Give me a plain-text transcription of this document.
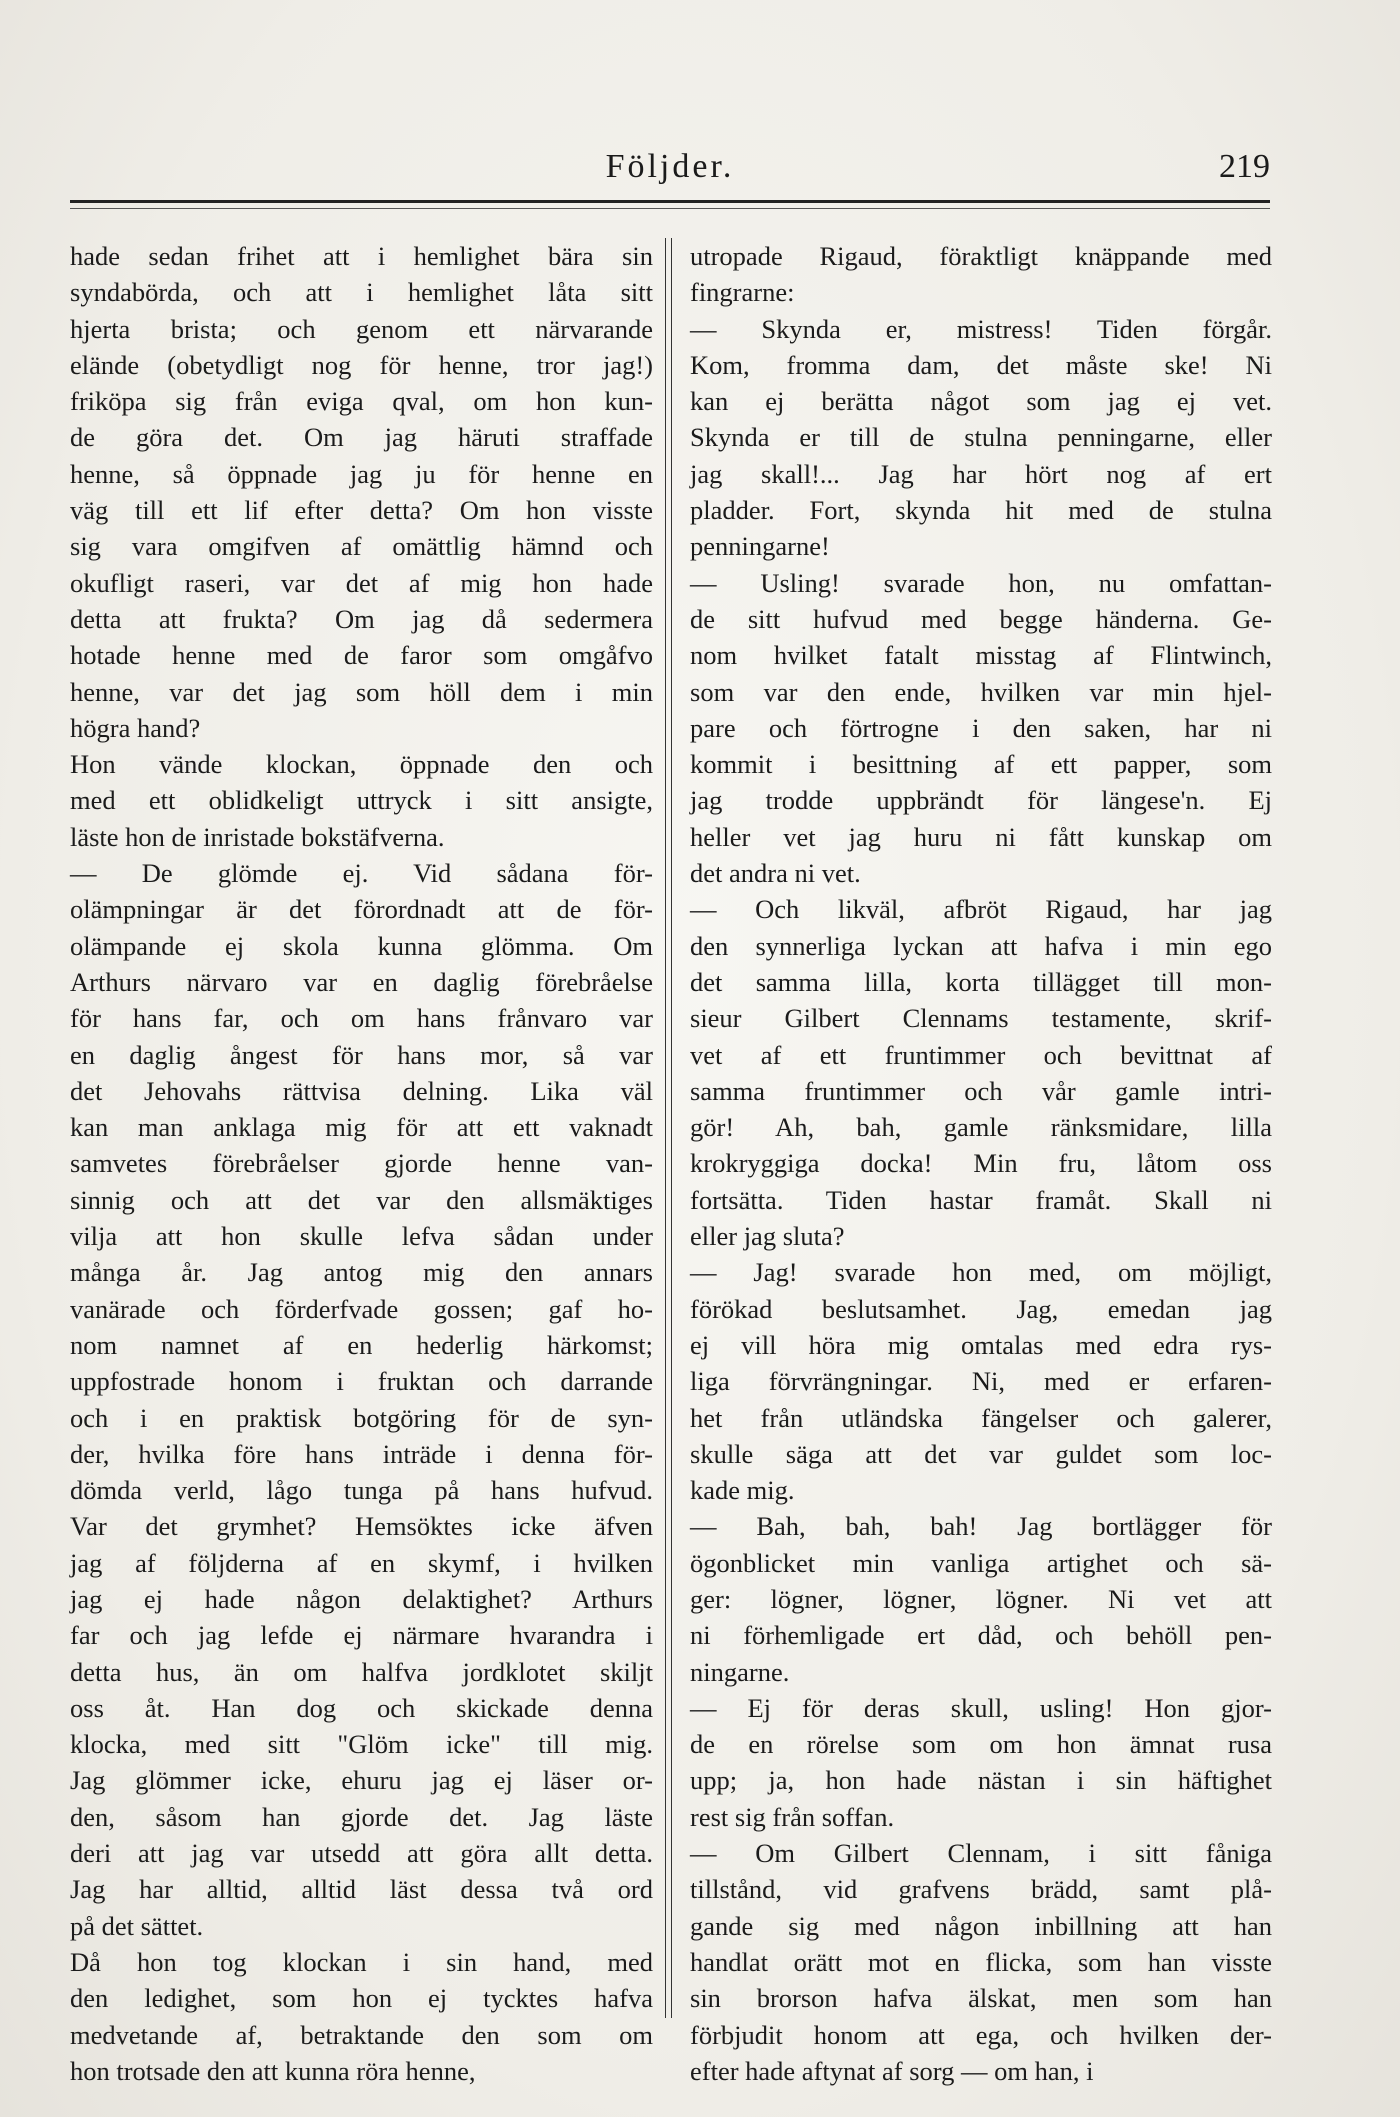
Följder.	219
hade sedan frihet att i hemlighet bära sin
syndabörda, och att i hemlighet låta sitt
hjerta brista; och genom ett närvarande
elände (obetydligt nog för henne, tror jag!)
friköpa sig från eviga qval, om hon kun-
de göra det. Om jag häruti straffade
henne, så öppnade jag ju för henne en
väg till ett lif efter detta? Om hon visste
sig vara omgifven af omättlig hämnd och
okufligt raseri, var det af mig hon hade
detta att frukta? Om jag då sedermera
hotade henne med de faror som omgåfvo
henne, var det jag som höll dem i min
högra hand?
Hon vände klockan, öppnade den och
med ett oblidkeligt uttryck i sitt ansigte,
läste hon de inristade bokstäfverna.
— De glömde ej. Vid sådana för-
olämpningar är det förordnadt att de för-
olämpande ej skola kunna glömma. Om
Arthurs närvaro var en daglig förebråelse
för hans far, och om hans frånvaro var
en daglig ångest för hans mor, så var
det Jehovahs rättvisa delning. Lika väl
kan man anklaga mig för att ett vaknadt
samvetes förebråelser gjorde henne van-
sinnig och att det var den allsmäktiges
vilja att hon skulle lefva sådan under
många år. Jag antog mig den annars
vanärade och förderfvade gossen; gaf ho-
nom namnet af en hederlig härkomst;
uppfostrade honom i fruktan och darrande
och i en praktisk botgöring för de syn-
der, hvilka före hans inträde i denna för-
dömda verld, lågo tunga på hans hufvud.
Var det grymhet? Hemsöktes icke äfven
jag af följderna af en skymf, i hvilken
jag ej hade någon delaktighet? Arthurs
far och jag lefde ej närmare hvarandra i
detta hus, än om halfva jordklotet skiljt
oss åt. Han dog och skickade denna
klocka, med sitt "Glöm icke" till mig.
Jag glömmer icke, ehuru jag ej läser or-
den, såsom han gjorde det. Jag läste
deri att jag var utsedd att göra allt detta.
Jag har alltid, alltid läst dessa två ord
på det sättet.
Då hon tog klockan i sin hand, med
den ledighet, som hon ej tycktes hafva
medvetande af, betraktande den som om
hon trotsade den att kunna röra henne,
utropade Rigaud, föraktligt knäppande med
fingrarne:
— Skynda er, mistress! Tiden förgår.
Kom, fromma dam, det måste ske! Ni
kan ej berätta något som jag ej vet.
Skynda er till de stulna penningarne, eller
jag skall!... Jag har hört nog af ert
pladder. Fort, skynda hit med de stulna
penningarne!
— Usling! svarade hon, nu omfattan-
de sitt hufvud med begge händerna. Ge-
nom hvilket fatalt misstag af Flintwinch,
som var den ende, hvilken var min hjel-
pare och förtrogne i den saken, har ni
kommit i besittning af ett papper, som
jag trodde uppbrändt för längese'n. Ej
heller vet jag huru ni fått kunskap om
det andra ni vet.
— Och likväl, afbröt Rigaud, har jag
den synnerliga lyckan att hafva i min ego
det samma lilla, korta tillägget till mon-
sieur Gilbert Clennams testamente, skrif-
vet af ett fruntimmer och bevittnat af
samma fruntimmer och vår gamle intri-
gör! Ah, bah, gamle ränksmidare, lilla
krokryggiga docka! Min fru, låtom oss
fortsätta. Tiden hastar framåt. Skall ni
eller jag sluta?
— Jag! svarade hon med, om möjligt,
förökad beslutsamhet. Jag, emedan jag
ej vill höra mig omtalas med edra rys-
liga förvrängningar. Ni, med er erfaren-
het från utländska fängelser och galerer,
skulle säga att det var guldet som loc-
kade mig.
— Bah, bah, bah! Jag bortlägger för
ögonblicket min vanliga artighet och sä-
ger: lögner, lögner, lögner. Ni vet att
ni förhemligade ert dåd, och behöll pen-
ningarne.
— Ej för deras skull, usling! Hon gjor-
de en rörelse som om hon ämnat rusa
upp; ja, hon hade nästan i sin häftighet
rest sig från soffan.
— Om Gilbert Clennam, i sitt fåniga
tillstånd, vid grafvens brädd, samt plå-
gande sig med någon inbillning att han
handlat orätt mot en flicka, som han visste
sin brorson hafva älskat, men som han
förbjudit honom att ega, och hvilken der-
efter hade aftynat af sorg — om han, i
